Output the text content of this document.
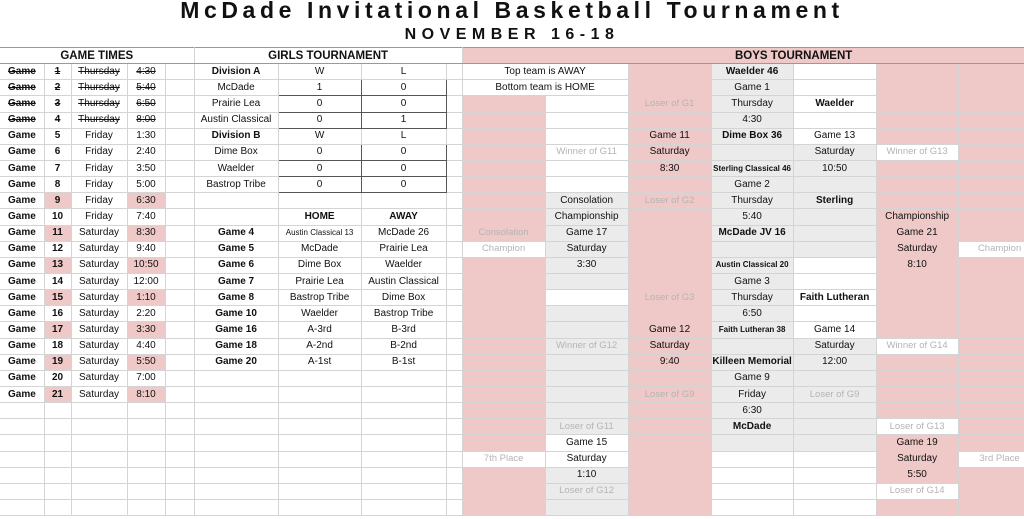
McDade Invitational Basketball Tournament
NOVEMBER 16-18
GAME TIMES					GIRLS TOURNAMENT				BOYS TOURNAMENT								
Game	1	Thursday	4:30		Division A	W	L		Top team is AWAY			Waelder 46					
Game	2	Thursday	5:40		McDade	1	0		Bottom team is HOME			Game 1					
Game	3	Thursday	6:50		Prairie Lea	0	0				Loser of G1	Thursday	Waelder				
Game	4	Thursday	8:00		Austin Classical	0	1					4:30					
Game	5	Friday	1:30		Division B	W	L				Game 11	Dime Box 36	Game 13				
Game	6	Friday	2:40		Dime Box	0	0			Winner of G11	Saturday		Saturday	Winner of G13			
Game	7	Friday	3:50		Waelder	0	0				8:30	Sterling Classical 46	10:50				
Game	8	Friday	5:00		Bastrop Tribe	0	0					Game 2					
Game	9	Friday	6:30							Consolation	Loser of G2	Thursday	Sterling				
Game	10	Friday	7:40			HOME	AWAY			Championship		5:40		Championship			
Game	11	Saturday	8:30		Game 4	Austin Classical 13	McDade 26		Consolation	Game 17		McDade JV 16		Game 21			
Game	12	Saturday	9:40		Game 5	McDade	Prairie Lea		Champion	Saturday				Saturday	Champion		
Game	13	Saturday	10:50		Game 6	Dime Box	Waelder			3:30		Austin Classical 20		8:10			
Game	14	Saturday	12:00		Game 7	Prairie Lea	Austin Classical					Game 3					
Game	15	Saturday	1:10		Game 8	Bastrop Tribe	Dime Box				Loser of G3	Thursday	Faith Lutheran				
Game	16	Saturday	2:20		Game 10	Waelder	Bastrop Tribe					6:50					
Game	17	Saturday	3:30		Game 16	A-3rd	B-3rd				Game 12	Faith Lutheran 38	Game 14				
Game	18	Saturday	4:40		Game 18	A-2nd	B-2nd			Winner of G12	Saturday		Saturday	Winner of G14			
Game	19	Saturday	5:50		Game 20	A-1st	B-1st				9:40	Killeen Memorial	12:00				
Game	20	Saturday	7:00									Game 9					
Game	21	Saturday	8:10								Loser of G9	Friday	Loser of G9				
												6:30					
										Loser of G11		McDade		Loser of G13			
										Game 15				Game 19			
									7th Place	Saturday				Saturday	3rd Place		
										1:10				5:50			
										Loser of G12				Loser of G14			
